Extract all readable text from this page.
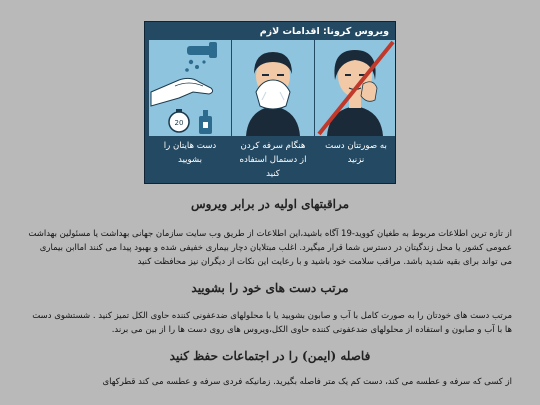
ویروس کرونا: اقدامات لازم
20
دست هایتان را
بشویید
هنگام سرفه کردن
از دستمال استفاده
کنید
به صورتتان دست
نزنید
مراقبتهای اولیه در برابر ویروس

از تازه ترین اطلاعات مربوط به طغیان کووید-19 آگاه باشید،این اطلاعات از طریق وب سایت سازمان جهانی بهداشت یا مسئولین بهداشت عمومی کشور یا محل زندگیتان در دسترس شما قرار میگیرد. اغلب مبتلایان دچار بیماری خفیفی شده و بهبود پیدا می کنند اماابن بیماری می تواند برای بقیه شدید باشد. مراقب سلامت خود باشید و با رعایت این نکات از دیگران نیز محافظت کنید

مرتب دست های خود را بشویید

مرتب دست های خودتان را به صورت کامل با آب و صابون بشویید یا با محلولهای ضدعفونی کننده حاوی الکل تمیز کنید . شستشوی دست ها با آب و صابون و استفاده از محلولهای ضدعفونی کننده حاوی الکل،ویروس های روی دست ها را از بین می برند.

فاصله (ایمن) را در اجتماعات حفظ کنید

از کسی که سرفه و عطسه می کند، دست کم یک متر فاصله بگیرید. زمانیکه فردی سرفه و عطسه می کند قطرکهای
